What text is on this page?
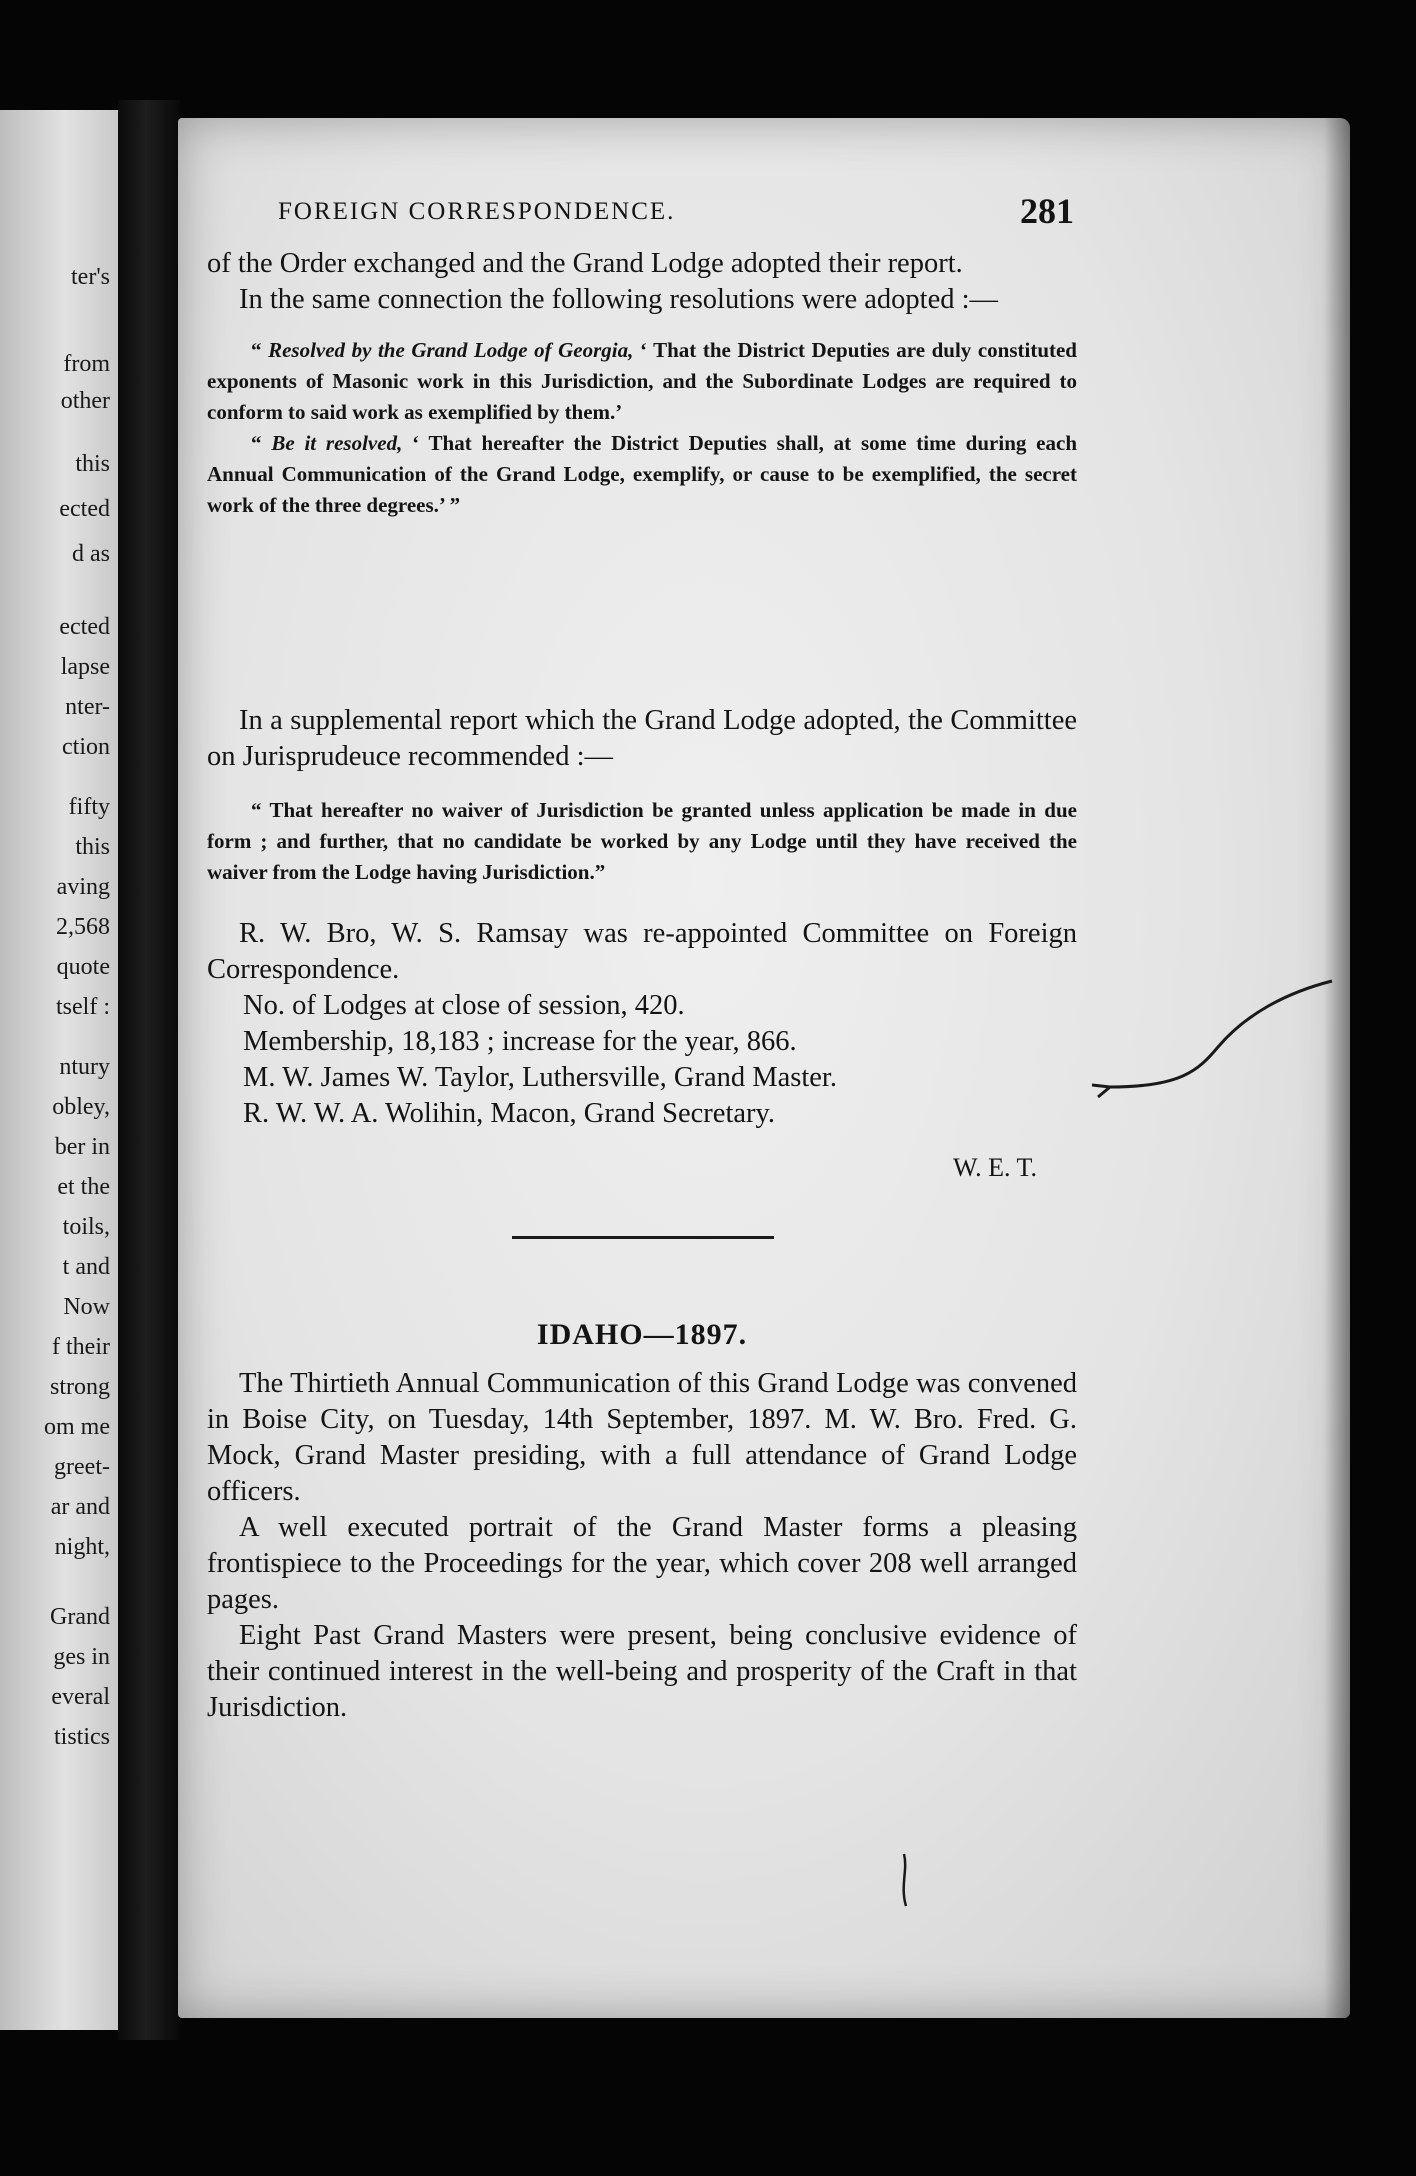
ter's
from
other
this
ected
d as
ected
lapse
nter-
ction
fifty
this
aving
2,568
quote
tself :
ntury
obley,
ber in
et the
toils,
t and
Now
f their
strong
om me
greet-
ar and
night,
Grand
ges in
everal
tistics
FOREIGN CORRESPONDENCE.	281

of the Order exchanged and the Grand Lodge adopted their report.

In the same connection the following resolutions were adopted :—

“ Resolved by the Grand Lodge of Georgia, ‘ That the District Deputies are duly constituted exponents of Masonic work in this Jurisdiction, and the Subordinate Lodges are required to conform to said work as exemplified by them.’

“ Be it resolved, ‘ That hereafter the District Deputies shall, at some time during each Annual Communication of the Grand Lodge, exemplify, or cause to be exemplified, the secret work of the three degrees.’ ”

In a supplemental report which the Grand Lodge adopted, the Committee on Jurisprudeuce recommended :—

“ That hereafter no waiver of Jurisdiction be granted unless application be made in due form ; and further, that no candidate be worked by any Lodge until they have received the waiver from the Lodge having Jurisdiction.”

R. W. Bro, W. S. Ramsay was re-appointed Committee on Foreign Correspondence.

No. of Lodges at close of session, 420.

Membership, 18,183 ; increase for the year, 866.

M. W. James W. Taylor, Luthersville, Grand Master.

R. W. W. A. Wolihin, Macon, Grand Secretary.

W. E. T.

IDAHO—1897.

The Thirtieth Annual Communication of this Grand Lodge was convened in Boise City, on Tuesday, 14th September, 1897. M. W. Bro. Fred. G. Mock, Grand Master presiding, with a full attendance of Grand Lodge officers.

A well executed portrait of the Grand Master forms a pleasing frontispiece to the Proceedings for the year, which cover 208 well arranged pages.

Eight Past Grand Masters were present, being conclusive evidence of their continued interest in the well-being and prosperity of the Craft in that Jurisdiction.
